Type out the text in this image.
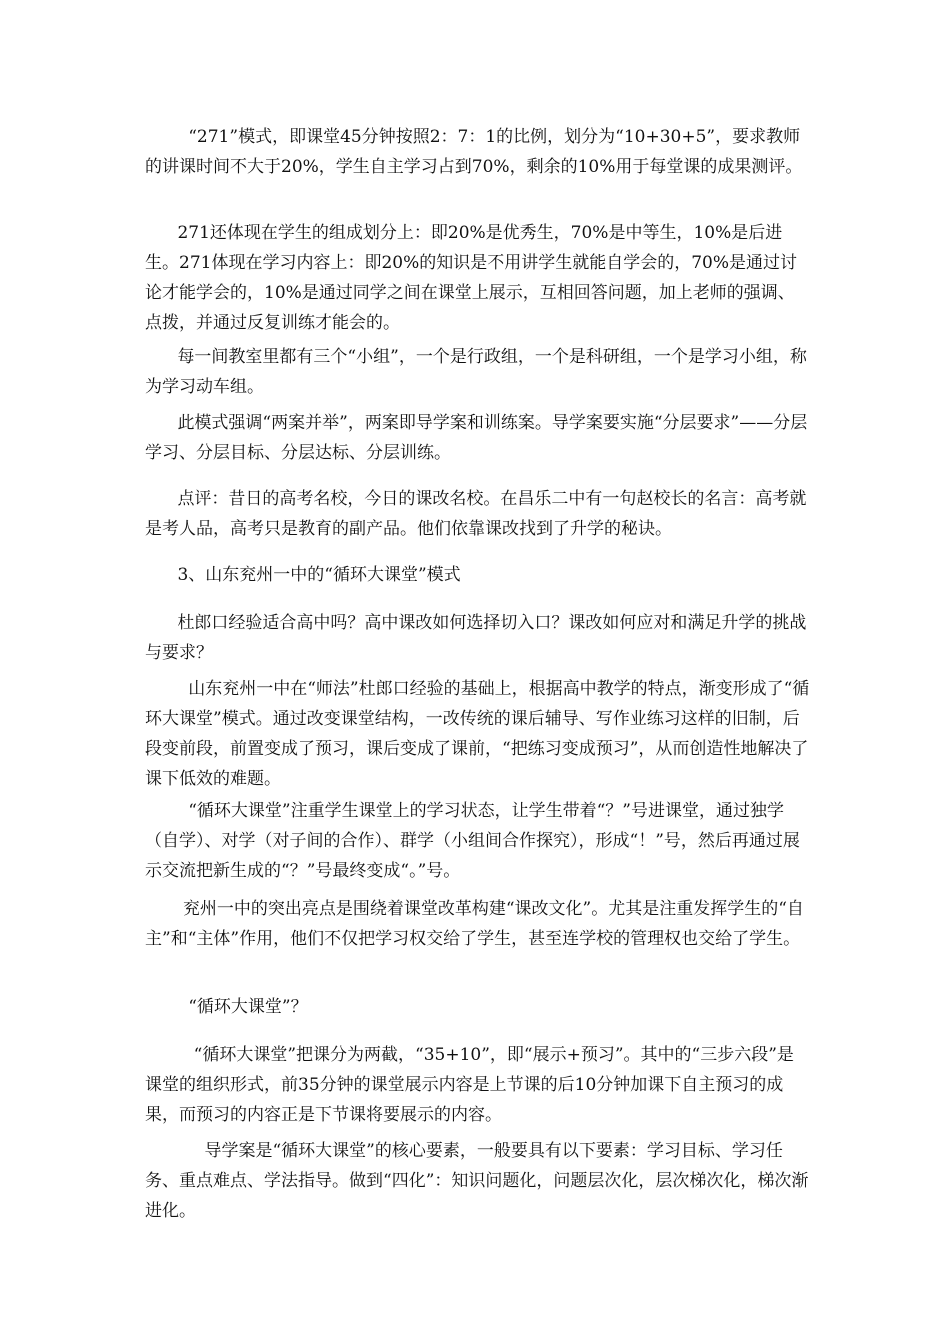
“271”模式，即课堂45分钟按照2：7：1的比例，划分为“10+30+5”，要求教师的讲课时间不大于20%，学生自主学习占到70%，剩余的10%用于每堂课的成果测评。

271还体现在学生的组成划分上：即20%是优秀生，70%是中等生，10%是后进生。271体现在学习内容上：即20%的知识是不用讲学生就能自学会的，70%是通过讨论才能学会的，10%是通过同学之间在课堂上展示，互相回答问题，加上老师的强调、点拨，并通过反复训练才能会的。

每一间教室里都有三个“小组”，一个是行政组，一个是科研组，一个是学习小组，称为学习动车组。

此模式强调“两案并举”，两案即导学案和训练案。导学案要实施“分层要求”——分层学习、分层目标、分层达标、分层训练。

点评：昔日的高考名校，今日的课改名校。在昌乐二中有一句赵校长的名言：高考就是考人品，高考只是教育的副产品。他们依靠课改找到了升学的秘诀。

3、山东兖州一中的“循环大课堂”模式

杜郎口经验适合高中吗？高中课改如何选择切入口？课改如何应对和满足升学的挑战与要求？

山东兖州一中在“师法”杜郎口经验的基础上，根据高中教学的特点，渐变形成了“循环大课堂”模式。通过改变课堂结构，一改传统的课后辅导、写作业练习这样的旧制，后段变前段，前置变成了预习，课后变成了课前，“把练习变成预习”，从而创造性地解决了课下低效的难题。

“循环大课堂”注重学生课堂上的学习状态，让学生带着“？”号进课堂，通过独学（自学）、对学（对子间的合作）、群学（小组间合作探究），形成“！”号，然后再通过展示交流把新生成的“？”号最终变成“。”号。

兖州一中的突出亮点是围绕着课堂改革构建“课改文化”。尤其是注重发挥学生的“自主”和“主体”作用，他们不仅把学习权交给了学生，甚至连学校的管理权也交给了学生。

“循环大课堂”？

“循环大课堂”把课分为两截，“35+10”，即“展示+预习”。其中的“三步六段”是课堂的组织形式，前35分钟的课堂展示内容是上节课的后10分钟加课下自主预习的成果，而预习的内容正是下节课将要展示的内容。

导学案是“循环大课堂”的核心要素，一般要具有以下要素：学习目标、学习任务、重点难点、学法指导。做到“四化”：知识问题化，问题层次化，层次梯次化，梯次渐进化。
